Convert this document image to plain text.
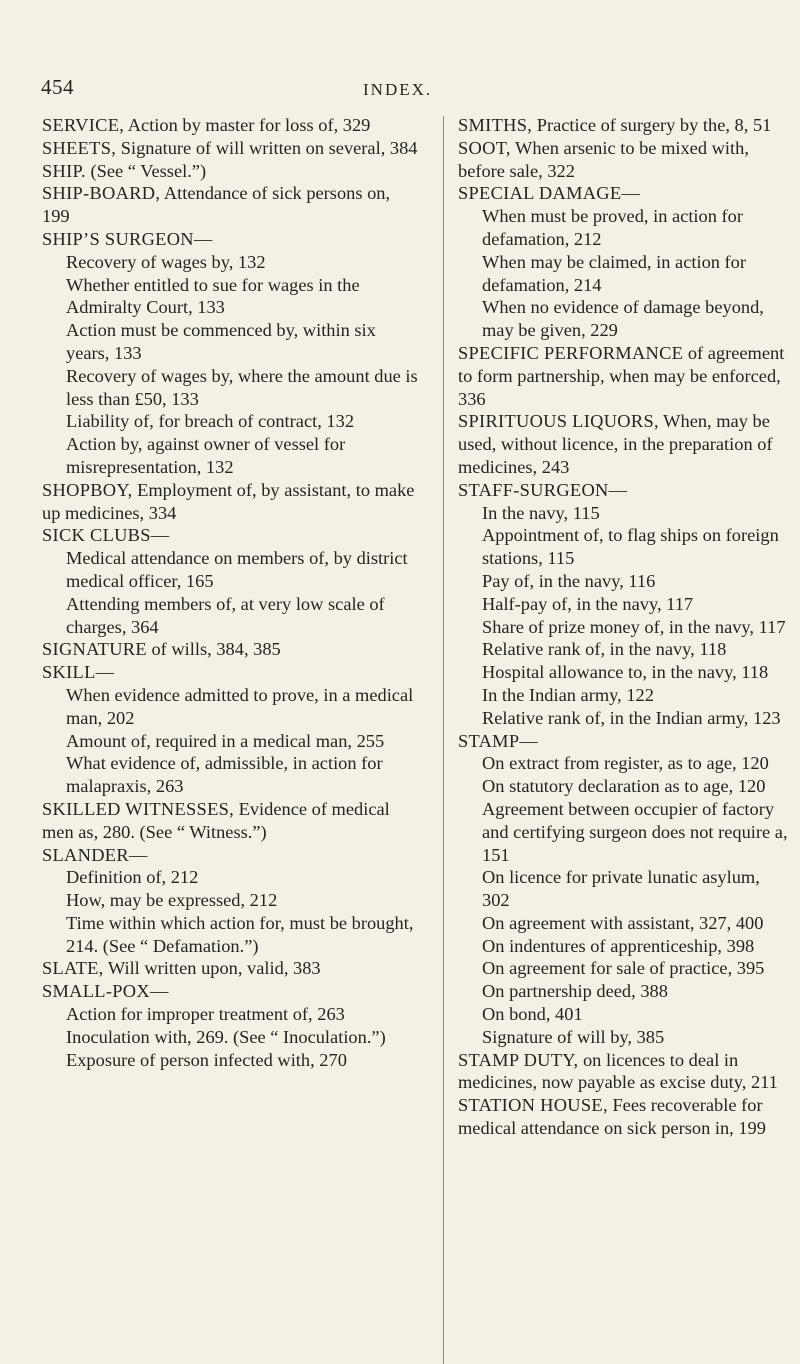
454	INDEX.

SERVICE, Action by master for loss of, 329

SHEETS, Signature of will written on several, 384

SHIP. (See “ Vessel.”)

SHIP-BOARD, Attendance of sick persons on, 199

SHIP’S SURGEON—

Recovery of wages by, 132

Whether entitled to sue for wages in the Admiralty Court, 133

Action must be commenced by, within six years, 133

Recovery of wages by, where the amount due is less than £50, 133

Liability of, for breach of contract, 132

Action by, against owner of vessel for misrepresentation, 132

SHOPBOY, Employment of, by assistant, to make up medicines, 334

SICK CLUBS—

Medical attendance on members of, by district medical officer, 165

Attending members of, at very low scale of charges, 364

SIGNATURE of wills, 384, 385

SKILL—

When evidence admitted to prove, in a medical man, 202

Amount of, required in a medical man, 255

What evidence of, admissible, in action for malapraxis, 263

SKILLED WITNESSES, Evidence of medical men as, 280. (See “ Witness.”)

SLANDER—

Definition of, 212

How, may be expressed, 212

Time within which action for, must be brought, 214. (See “ Defamation.”)

SLATE, Will written upon, valid, 383

SMALL-POX—

Action for improper treatment of, 263

Inoculation with, 269. (See “ Inoculation.”)

Exposure of person infected with, 270

SMITHS, Practice of surgery by the, 8, 51

SOOT, When arsenic to be mixed with, before sale, 322

SPECIAL DAMAGE—

When must be proved, in action for defamation, 212

When may be claimed, in action for defamation, 214

When no evidence of damage beyond, may be given, 229

SPECIFIC PERFORMANCE of agreement to form partnership, when may be enforced, 336

SPIRITUOUS LIQUORS, When, may be used, without licence, in the preparation of medicines, 243

STAFF-SURGEON—

In the navy, 115

Appointment of, to flag ships on foreign stations, 115

Pay of, in the navy, 116

Half-pay of, in the navy, 117

Share of prize money of, in the navy, 117

Relative rank of, in the navy, 118

Hospital allowance to, in the navy, 118

In the Indian army, 122

Relative rank of, in the Indian army, 123

STAMP—

On extract from register, as to age, 120

On statutory declaration as to age, 120

Agreement between occupier of factory and certifying surgeon does not require a, 151

On licence for private lunatic asylum, 302

On agreement with assistant, 327, 400

On indentures of apprenticeship, 398

On agreement for sale of practice, 395

On partnership deed, 388

On bond, 401

Signature of will by, 385

STAMP DUTY, on licences to deal in medicines, now payable as excise duty, 211

STATION HOUSE, Fees recoverable for medical attendance on sick person in, 199
